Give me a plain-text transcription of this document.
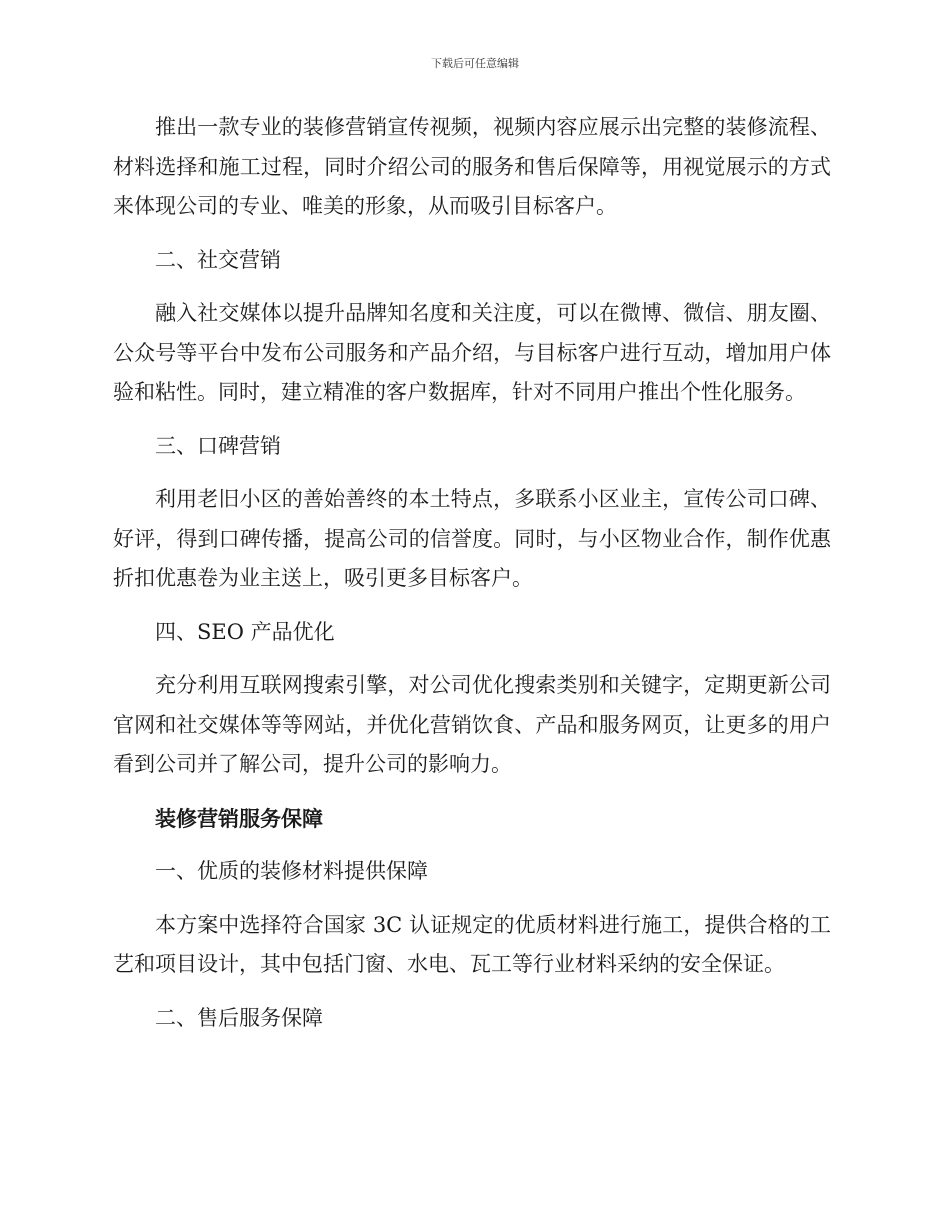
下载后可任意编辑

推出一款专业的装修营销宣传视频，视频内容应展示出完整的装修流程、材料选择和施工过程，同时介绍公司的服务和售后保障等，用视觉展示的方式来体现公司的专业、唯美的形象，从而吸引目标客户。

二、社交营销

融入社交媒体以提升品牌知名度和关注度，可以在微博、微信、朋友圈、公众号等平台中发布公司服务和产品介绍，与目标客户进行互动，增加用户体验和粘性。同时，建立精准的客户数据库，针对不同用户推出个性化服务。

三、口碑营销

利用老旧小区的善始善终的本土特点，多联系小区业主，宣传公司口碑、好评，得到口碑传播，提高公司的信誉度。同时，与小区物业合作，制作优惠折扣优惠卷为业主送上，吸引更多目标客户。

四、SEO 产品优化

充分利用互联网搜索引擎，对公司优化搜索类别和关键字，定期更新公司官网和社交媒体等等网站，并优化营销饮食、产品和服务网页，让更多的用户看到公司并了解公司，提升公司的影响力。

装修营销服务保障

一、优质的装修材料提供保障

本方案中选择符合国家 3C 认证规定的优质材料进行施工，提供合格的工艺和项目设计，其中包括门窗、水电、瓦工等行业材料采纳的安全保证。

二、售后服务保障
